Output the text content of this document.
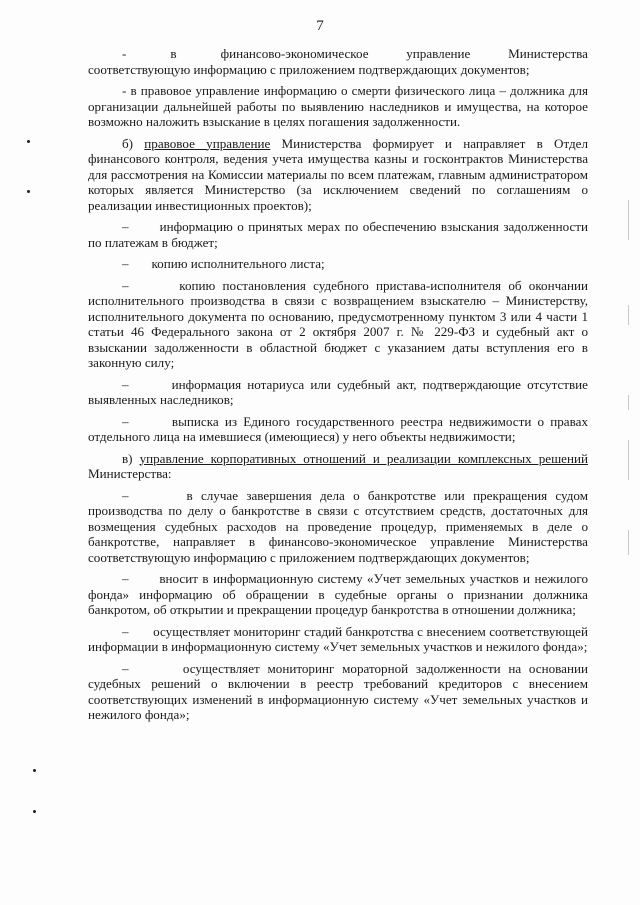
7

-       в       финансово-экономическое      управление      Министерства соответствующую информацию с приложением подтверждающих документов;

- в правовое управление информацию о смерти физического лица – должника для организации дальнейшей работы по выявлению наследников и имущества, на которое возможно наложить взыскание в целях погашения задолженности.

б) правовое управление Министерства формирует и направляет в Отдел финансового контроля, ведения учета имущества казны и госконтрактов Министерства для рассмотрения на Комиссии материалы по всем платежам, главным администратором которых является Министерство (за исключением сведений по соглашениям о реализации инвестиционных проектов);

–       информацию о принятых мерах по обеспечению взыскания задолженности по платежам в бюджет;

–       копию исполнительного листа;

–       копию постановления судебного пристава-исполнителя об окончании исполнительного производства в связи с возвращением взыскателю – Министерству, исполнительного документа по основанию, предусмотренному пунктом 3 или 4 части 1 статьи 46 Федерального закона от 2 октября 2007 г. № 229-ФЗ и судебный акт о взыскании задолженности в областной бюджет с указанием даты вступления его в законную силу;

–       информация нотариуса или судебный акт, подтверждающие отсутствие выявленных наследников;

–       выписка из Единого государственного реестра недвижимости о правах отдельного лица на имевшиеся (имеющиеся) у него объекты недвижимости;

в) управление корпоративных отношений и реализации комплексных решений Министерства:

–       в случае завершения дела о банкротстве или прекращения судом производства по делу о банкротстве в связи с отсутствием средств, достаточных для возмещения судебных расходов на проведение процедур, применяемых в деле о банкротстве, направляет в финансово-экономическое управление Министерства соответствующую информацию с приложением подтверждающих документов;

–       вносит в информационную систему «Учет земельных участков и нежилого фонда» информацию об обращении в судебные органы о признании должника банкротом, об открытии и прекращении процедур банкротства в отношении должника;

–       осуществляет мониторинг стадий банкротства с внесением соответствующей информации в информационную систему «Учет земельных участков и нежилого фонда»;

–       осуществляет мониторинг мораторной задолженности на основании судебных решений о включении в реестр требований кредиторов с внесением соответствующих изменений в информационную систему «Учет земельных участков и нежилого фонда»;
